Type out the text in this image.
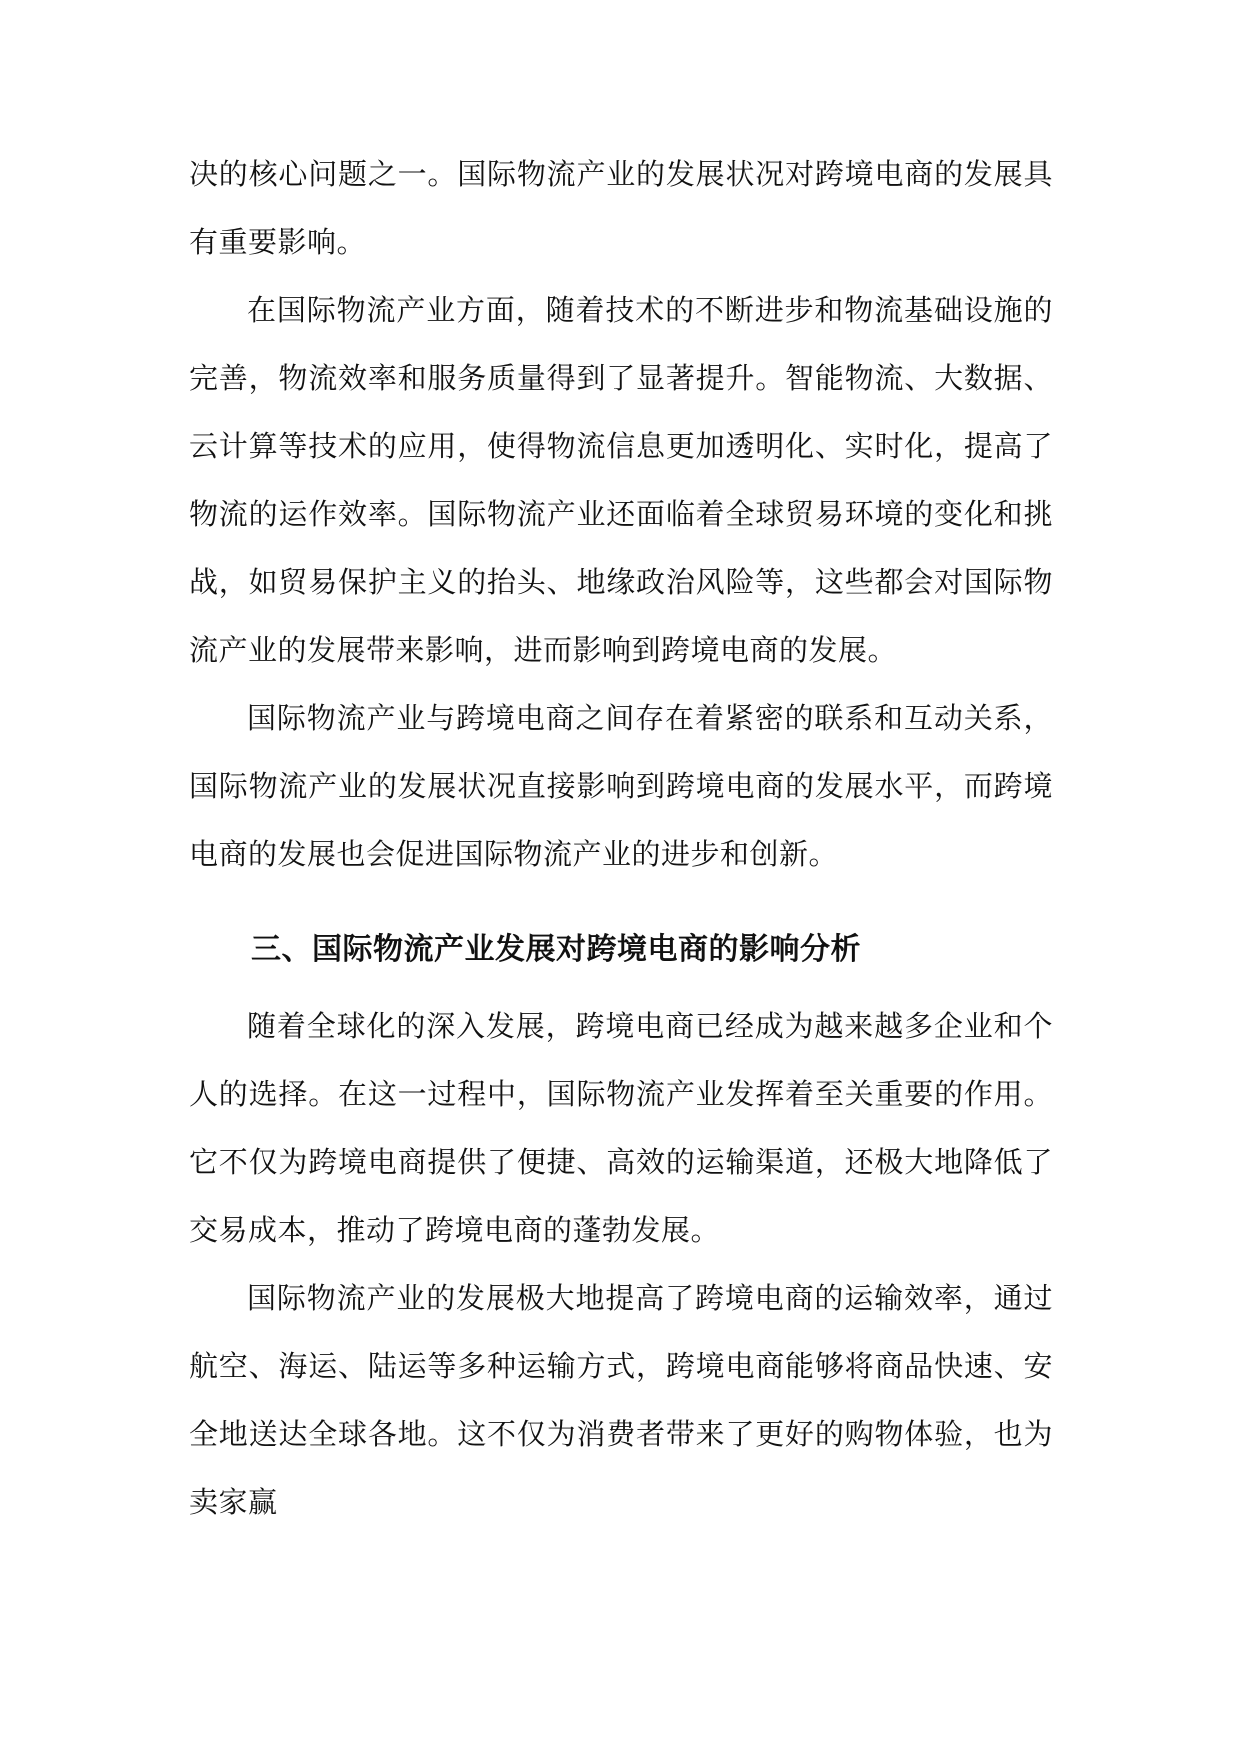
决的核心问题之一。国际物流产业的发展状况对跨境电商的发展具有重要影响。

在国际物流产业方面，随着技术的不断进步和物流基础设施的完善，物流效率和服务质量得到了显著提升。智能物流、大数据、云计算等技术的应用，使得物流信息更加透明化、实时化，提高了物流的运作效率。国际物流产业还面临着全球贸易环境的变化和挑战，如贸易保护主义的抬头、地缘政治风险等，这些都会对国际物流产业的发展带来影响，进而影响到跨境电商的发展。

国际物流产业与跨境电商之间存在着紧密的联系和互动关系，国际物流产业的发展状况直接影响到跨境电商的发展水平，而跨境电商的发展也会促进国际物流产业的进步和创新。

三、国际物流产业发展对跨境电商的影响分析

随着全球化的深入发展，跨境电商已经成为越来越多企业和个人的选择。在这一过程中，国际物流产业发挥着至关重要的作用。它不仅为跨境电商提供了便捷、高效的运输渠道，还极大地降低了交易成本，推动了跨境电商的蓬勃发展。

国际物流产业的发展极大地提高了跨境电商的运输效率，通过航空、海运、陆运等多种运输方式，跨境电商能够将商品快速、安全地送达全球各地。这不仅为消费者带来了更好的购物体验，也为卖家赢
